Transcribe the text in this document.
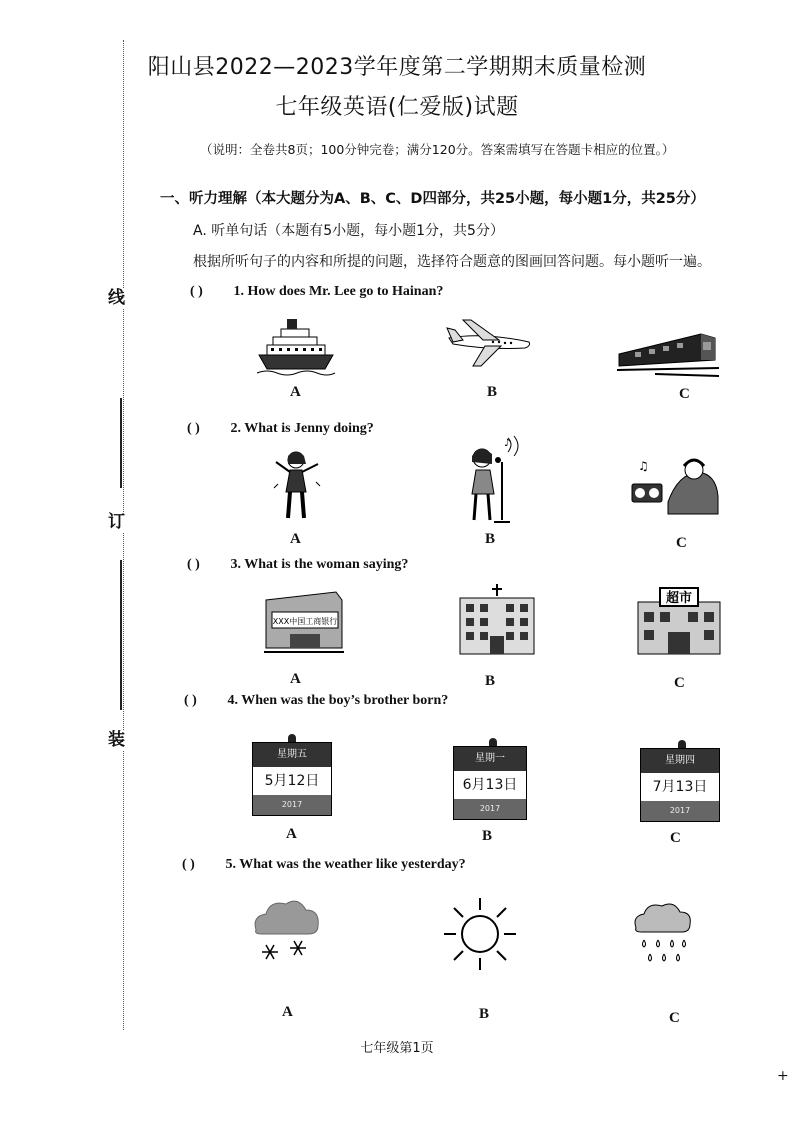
线
订
装
阳山县2022—2023学年度第二学期期末质量检测
七年级英语(仁爱版)试题
（说明：全卷共8页；100分钟完卷；满分120分。答案需填写在答题卡相应的位置。）
一、听力理解（本大题分为A、B、C、D四部分，共25小题，每小题1分，共25分）
A. 听单句话（本题有5小题，每小题1分，共5分）
根据所听句子的内容和所提的问题，选择符合题意的图画回答问题。每小题听一遍。
( ) 1. How does Mr. Lee go to Hainan?
A	B	C
( ) 2. What is Jenny doing?
♪
♫
A	B	C
( ) 3. What is the woman saying?
XXX中国工商银行
超市
A	B	C
( ) 4. When was the boy’s brother born?
星期五
5月12日
2017
星期一
6月13日
2017
星期四
7月13日
2017
A	B	C
( ) 5. What was the weather like yesterday?
A	B	C
七年级第1页
+
